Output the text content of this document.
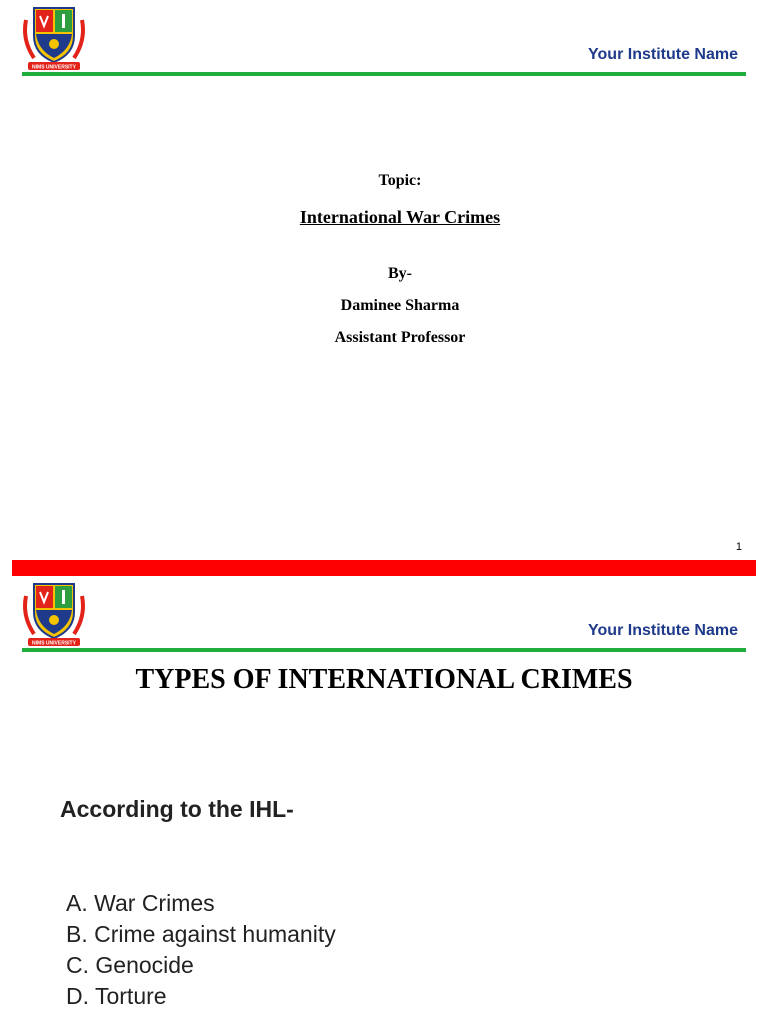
NIMS UNIVERSITY
Your Institute Name
Topic:
International War Crimes
By-
Daminee Sharma
Assistant Professor
1
NIMS UNIVERSITY
Your Institute Name
TYPES OF INTERNATIONAL CRIMES
According to the IHL-
A. War Crimes
B. Crime against humanity
C. Genocide
D. Torture
